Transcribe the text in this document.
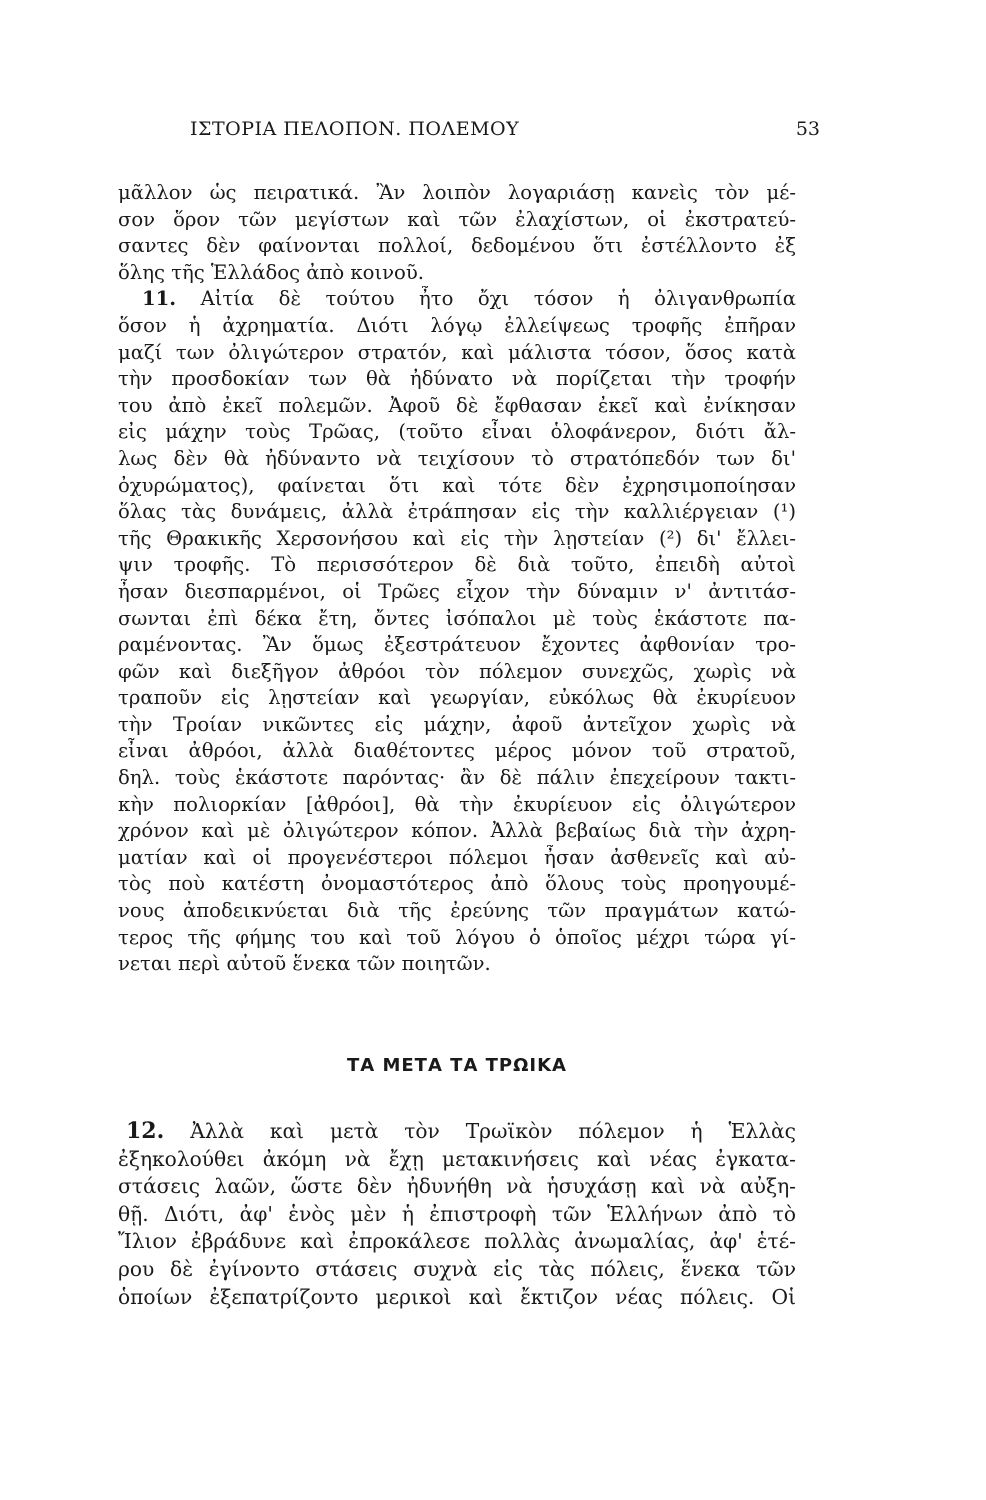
ΙΣΤΟΡΙΑ ΠΕΛΟΠΟΝ. ΠΟΛΕΜΟΥ	53
μᾶλλον ὡς πειρατικά. Ἂν λοιπὸν λογαριάσῃ κανεὶς τὸν μέ-
σον ὅρον τῶν μεγίστων καὶ τῶν ἐλαχίστων, οἱ ἐκστρατεύ-
σαντες δὲν φαίνονται πολλοί, δεδομένου ὅτι ἐστέλλοντο ἐξ
ὅλης τῆς Ἑλλάδος ἀπὸ κοινοῦ.
11. Αἰτία δὲ τούτου ἦτο ὄχι τόσον ἡ ὀλιγανθρωπία
ὅσον ἡ ἀχρηματία. Διότι λόγῳ ἐλλείψεως τροφῆς ἐπῆραν
μαζί των ὀλιγώτερον στρατόν, καὶ μάλιστα τόσον, ὅσος κατὰ
τὴν προσδοκίαν των θὰ ἠδύνατο νὰ πορίζεται τὴν τροφήν
του ἀπὸ ἐκεῖ πολεμῶν. Ἀφοῦ δὲ ἔφθασαν ἐκεῖ καὶ ἐνίκησαν
εἰς μάχην τοὺς Τρῶας, (τοῦτο εἶναι ὁλοφάνερον, διότι ἄλ-
λως δὲν θὰ ἠδύναντο νὰ τειχίσουν τὸ στρατόπεδόν των δι'
ὀχυρώματος), φαίνεται ὅτι καὶ τότε δὲν ἐχρησιμοποίησαν
ὅλας τὰς δυνάμεις, ἀλλὰ ἐτράπησαν εἰς τὴν καλλιέργειαν (¹)
τῆς Θρακικῆς Χερσονήσου καὶ εἰς τὴν λῃστείαν (²) δι' ἔλλει-
ψιν τροφῆς. Τὸ περισσότερον δὲ διὰ τοῦτο, ἐπειδὴ αὐτοὶ
ἦσαν διεσπαρμένοι, οἱ Τρῶες εἶχον τὴν δύναμιν ν' ἀντιτάσ-
σωνται ἐπὶ δέκα ἔτη, ὄντες ἰσόπαλοι μὲ τοὺς ἑκάστοτε πα-
ραμένοντας. Ἂν ὅμως ἐξεστράτευον ἔχοντες ἀφθονίαν τρο-
φῶν καὶ διεξῆγον ἀθρόοι τὸν πόλεμον συνεχῶς, χωρὶς νὰ
τραποῦν εἰς λῃστείαν καὶ γεωργίαν, εὐκόλως θὰ ἐκυρίευον
τὴν Τροίαν νικῶντες εἰς μάχην, ἀφοῦ ἀντεῖχον χωρὶς νὰ
εἶναι ἀθρόοι, ἀλλὰ διαθέτοντες μέρος μόνον τοῦ στρατοῦ,
δηλ. τοὺς ἑκάστοτε παρόντας· ἂν δὲ πάλιν ἐπεχείρουν τακτι-
κὴν πολιορκίαν [ἀθρόοι], θὰ τὴν ἐκυρίευον εἰς ὀλιγώτερον
χρόνον καὶ μὲ ὀλιγώτερον κόπον. Ἀλλὰ βεβαίως διὰ τὴν ἀχρη-
ματίαν καὶ οἱ προγενέστεροι πόλεμοι ἦσαν ἀσθενεῖς καὶ αὐ-
τὸς ποὺ κατέστη ὀνομαστότερος ἀπὸ ὅλους τοὺς προηγουμέ-
νους ἀποδεικνύεται διὰ τῆς ἐρεύνης τῶν πραγμάτων κατώ-
τερος τῆς φήμης του καὶ τοῦ λόγου ὁ ὁποῖος μέχρι τώρα γί-
νεται περὶ αὐτοῦ ἕνεκα τῶν ποιητῶν.
ΤΑ ΜΕΤΑ ΤΑ ΤΡΩΙΚΑ
12. Ἀλλὰ καὶ μετὰ τὸν Τρωϊκὸν πόλεμον ἡ Ἑλλὰς
ἐξηκολούθει ἀκόμη νὰ ἔχῃ μετακινήσεις καὶ νέας ἐγκατα-
στάσεις λαῶν, ὥστε δὲν ἠδυνήθη νὰ ἡσυχάσῃ καὶ νὰ αὐξη-
θῇ. Διότι, ἀφ' ἑνὸς μὲν ἡ ἐπιστροφὴ τῶν Ἑλλήνων ἀπὸ τὸ
Ἴλιον ἐβράδυνε καὶ ἐπροκάλεσε πολλὰς ἀνωμαλίας, ἀφ' ἑτέ-
ρου δὲ ἐγίνοντο στάσεις συχνὰ εἰς τὰς πόλεις, ἕνεκα τῶν
ὁποίων ἐξεπατρίζοντο μερικοὶ καὶ ἔκτιζον νέας πόλεις. Οἱ
